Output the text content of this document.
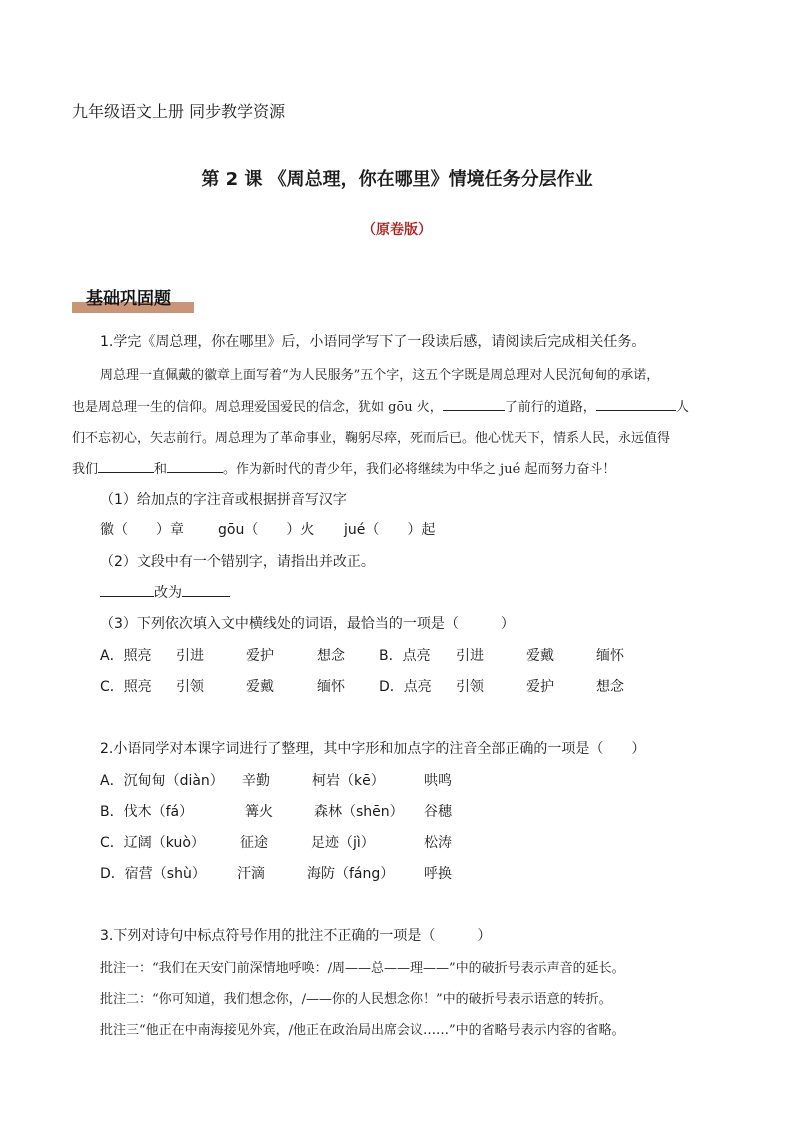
九年级语文上册 同步教学资源
第 2 课 《周总理，你在哪里》情境任务分层作业
（原卷版）
基础巩固题
1.学完《周总理，你在哪里》后，小语同学写下了一段读后感，请阅读后完成相关任务。
周总理一直佩戴的徽章上面写着“为人民服务”五个字，这五个字既是周总理对人民沉甸甸的承诺，
也是周总理一生的信仰。周总理爱国爱民的信念，犹如 gōu 火，	了前行的道路，	人
们不忘初心，矢志前行。周总理为了革命事业，鞠躬尽瘁，死而后已。他心忧天下，情系人民，永远值得
我们	和	。作为新时代的青少年，我们必将继续为中华之 jué 起而努力奋斗！
（1）给加点的字注音或根据拼音写汉字
徽（　　）章 gōu（　　）火 jué（　　）起
（2）文段中有一个错别字，请指出并改正。
改为
（3）下列依次填入文中横线处的词语，最恰当的一项是（　　　）
A．照亮 引进	爱护	想念 B．点亮 引进	爱戴	缅怀
C．照亮 引领	爱戴	缅怀 D．点亮 引领	爱护	想念
2.小语同学对本课字词进行了整理，其中字形和加点字的注音全部正确的一项是（　　）
A．沉甸甸（diàn） 辛勤	柯岩（kē）	哄鸣
B．伐木（fá）	篝火	森林（shēn） 谷穗
C．辽阔（kuò）	征途	足迹（jì）	松涛
D．宿营（shù） 汗滴	海防（fáng） 呼换
3.下列对诗句中标点符号作用的批注不正确的一项是（　　　）
批注一：“我们在天安门前深情地呼唤：/周——总——理——”中的破折号表示声音的延长。
批注二：“你可知道，我们想念你，/——你的人民想念你！”中的破折号表示语意的转折。
批注三“他正在中南海接见外宾，/他正在政治局出席会议……”中的省略号表示内容的省略。
